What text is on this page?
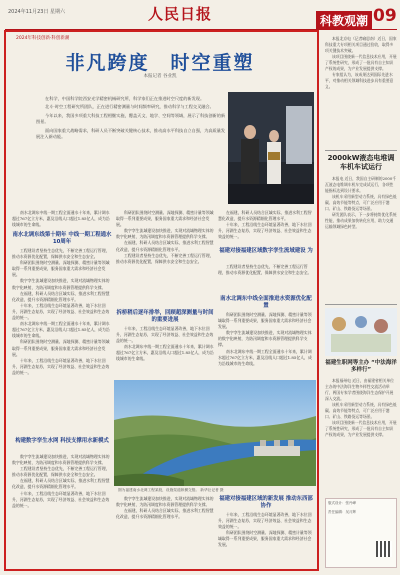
2024年11月23日 星期六	人民日报	科教观潮 09
2024年科技创新·科创新潮
非凡跨度　时空重塑
本报记者 谷业凯

在科学，中国科学院西安光学精密机械研究所，科学家们正在推进时空尺度的新发现。

北斗·时空工程研究所团队，正在进行精密测量与时间频率研究，推动科学与工程交叉融合。

今年以来，我国多项重大科技工程相继实施，覆盖天文、地学、空间等领域，展示了科技创新的新图景。

面向国家重大战略需求，科研人员不断突破关键核心技术，推动高水平科技自立自强，为高质量发展注入新动能。

南水北调东中线一期工程全面通水十年来，累计调水超过767亿立方米，惠及沿线人口超过1.85亿人，成为沿线城市的生命线。

南水北调东线第十期年 中线一期工程通水10周年

工程建设者坚持生态优先，不断完善工程运行管理，推动水资源优化配置，保障供水安全和生态安全。

科研团队围绕时空测量、深地探测、精密计量等领域取得一系列重要成果，服务国家重大需求和经济社会发展。

数字孪生流域建设加快推进，实现对流域物理实体的数字化映射，为防汛调度和水资源管理提供科学支撑。

在福建，科研人员结合区域实际，推进水利工程智慧化改造，提升水资源精细化管理水平。

十年来，工程沿线生态环境显著改善，地下水位回升，河湖生态复苏，实现了经济效益、社会效益和生态效益的统一。

南水北调东中线一期工程全面通水十年来，累计调水超过767亿立方米，惠及沿线人口超过1.85亿人，成为沿线城市的生命线。

科研团队围绕时空测量、深地探测、精密计量等领域取得一系列重要成果，服务国家重大需求和经济社会发展。

十年来，工程沿线生态环境显著改善，地下水位回升，河湖生态复苏，实现了经济效益、社会效益和生态效益的统一。

构建数字孪生水网 科技支撑用水新模式

数字孪生流域建设加快推进，实现对流域物理实体的数字化映射，为防汛调度和水资源管理提供科学支撑。

工程建设者坚持生态优先，不断完善工程运行管理，推动水资源优化配置，保障供水安全和生态安全。

在福建，科研人员结合区域实际，推进水利工程智慧化改造，提升水资源精细化管理水平。

十年来，工程沿线生态环境显著改善，地下水位回升，河湖生态复苏，实现了经济效益、社会效益和生态效益的统一。

科研团队围绕时空测量、深地探测、精密计量等领域取得一系列重要成果，服务国家重大需求和经济社会发展。

数字孪生流域建设加快推进，实现对流域物理实体的数字化映射，为防汛调度和水资源管理提供科学支撑。

在福建，科研人员结合区域实际，推进水利工程智慧化改造，提升水资源精细化管理水平。

工程建设者坚持生态优先，不断完善工程运行管理，推动水资源优化配置，保障供水安全和生态安全。

拆桥稍后逐年排举，回顾超深测量与时间的重要进展

十年来，工程沿线生态环境显著改善，地下水位回升，河湖生态复苏，实现了经济效益、社会效益和生态效益的统一。

南水北调东中线一期工程全面通水十年来，累计调水超过767亿立方米，惠及沿线人口超过1.85亿人，成为沿线城市的生命线。

在福建，科研人员结合区域实际，推进水利工程智慧化改造，提升水资源精细化管理水平。

十年来，工程沿线生态环境显著改善，地下水位回升，河湖生态复苏，实现了经济效益、社会效益和生态效益的统一。

福建对接福建区域数字孪生流域建设 为

工程建设者坚持生态优先，不断完善工程运行管理，推动水资源优化配置，保障供水安全和生态安全。

南水北调东中线全面推进水资源优化配置

科研团队围绕时空测量、深地探测、精密计量等领域取得一系列重要成果，服务国家重大需求和经济社会发展。

数字孪生流域建设加快推进，实现对流域物理实体的数字化映射，为防汛调度和水资源管理提供科学支撑。

南水北调东中线一期工程全面通水十年来，累计调水超过767亿立方米，惠及沿线人口超过1.85亿人，成为沿线城市的生命线。

图为福建南水北调工程某段，设施渠道纵横交错。 新华社记者 摄

数字孪生流域建设加快推进，实现对流域物理实体的数字化映射，为防汛调度和水资源管理提供科学支撑。

在福建，科研人员结合区域实际，推进水利工程智慧化改造，提升水资源精细化管理水平。

福建对接福建区域的新发展 推动东西部协作

十年来，工程沿线生态环境显著改善，地下水位回升，河湖生态复苏，实现了经济效益、社会效益和生态效益的统一。

科研团队围绕时空测量、深地探测、精密计量等领域取得一系列重要成果，服务国家重大需求和经济社会发展。

本报北京电（记者喻思南）近日，国家科技重大专项相关项目通过验收，取得多项关键技术突破。

该项目围绕新一代信息技术应用，开展了系统性研究，形成了一批具有自主知识产权的成果，为产业发展提供支撑。

专家组认为，该成果达到国际先进水平，对推动相关领域科技进步具有重要意义。

2000kW液态电堆调车机车试运行

本报电 近日，我国自主研制的2000千瓦液态电堆调车机车完成试运行，各项性能指标达到设计要求。

该机车采用新型动力系统，具有绿色低碳、高效节能等特点，可广泛应用于港口、矿山、铁路货运等场景。

研发团队表示，下一步将持续优化系统性能，推动成果加快转化应用，助力交通运输领域绿色转型。

福建生职网等主办 “中法海洋多样行”

本报福州电 近日，由福建省相关单位主办的中法海洋生物多样性交流活动举行，两国专家学者围绕海洋生态保护开展深入交流。

该机车采用新型动力系统，具有绿色低碳、高效节能等特点，可广泛应用于港口、矿山、铁路货运等场景。

该项目围绕新一代信息技术应用，开展了系统性研究，形成了一批具有自主知识产权的成果，为产业发展提供支撑。

版式设计：张丹峰
责任编辑：吴月辉
